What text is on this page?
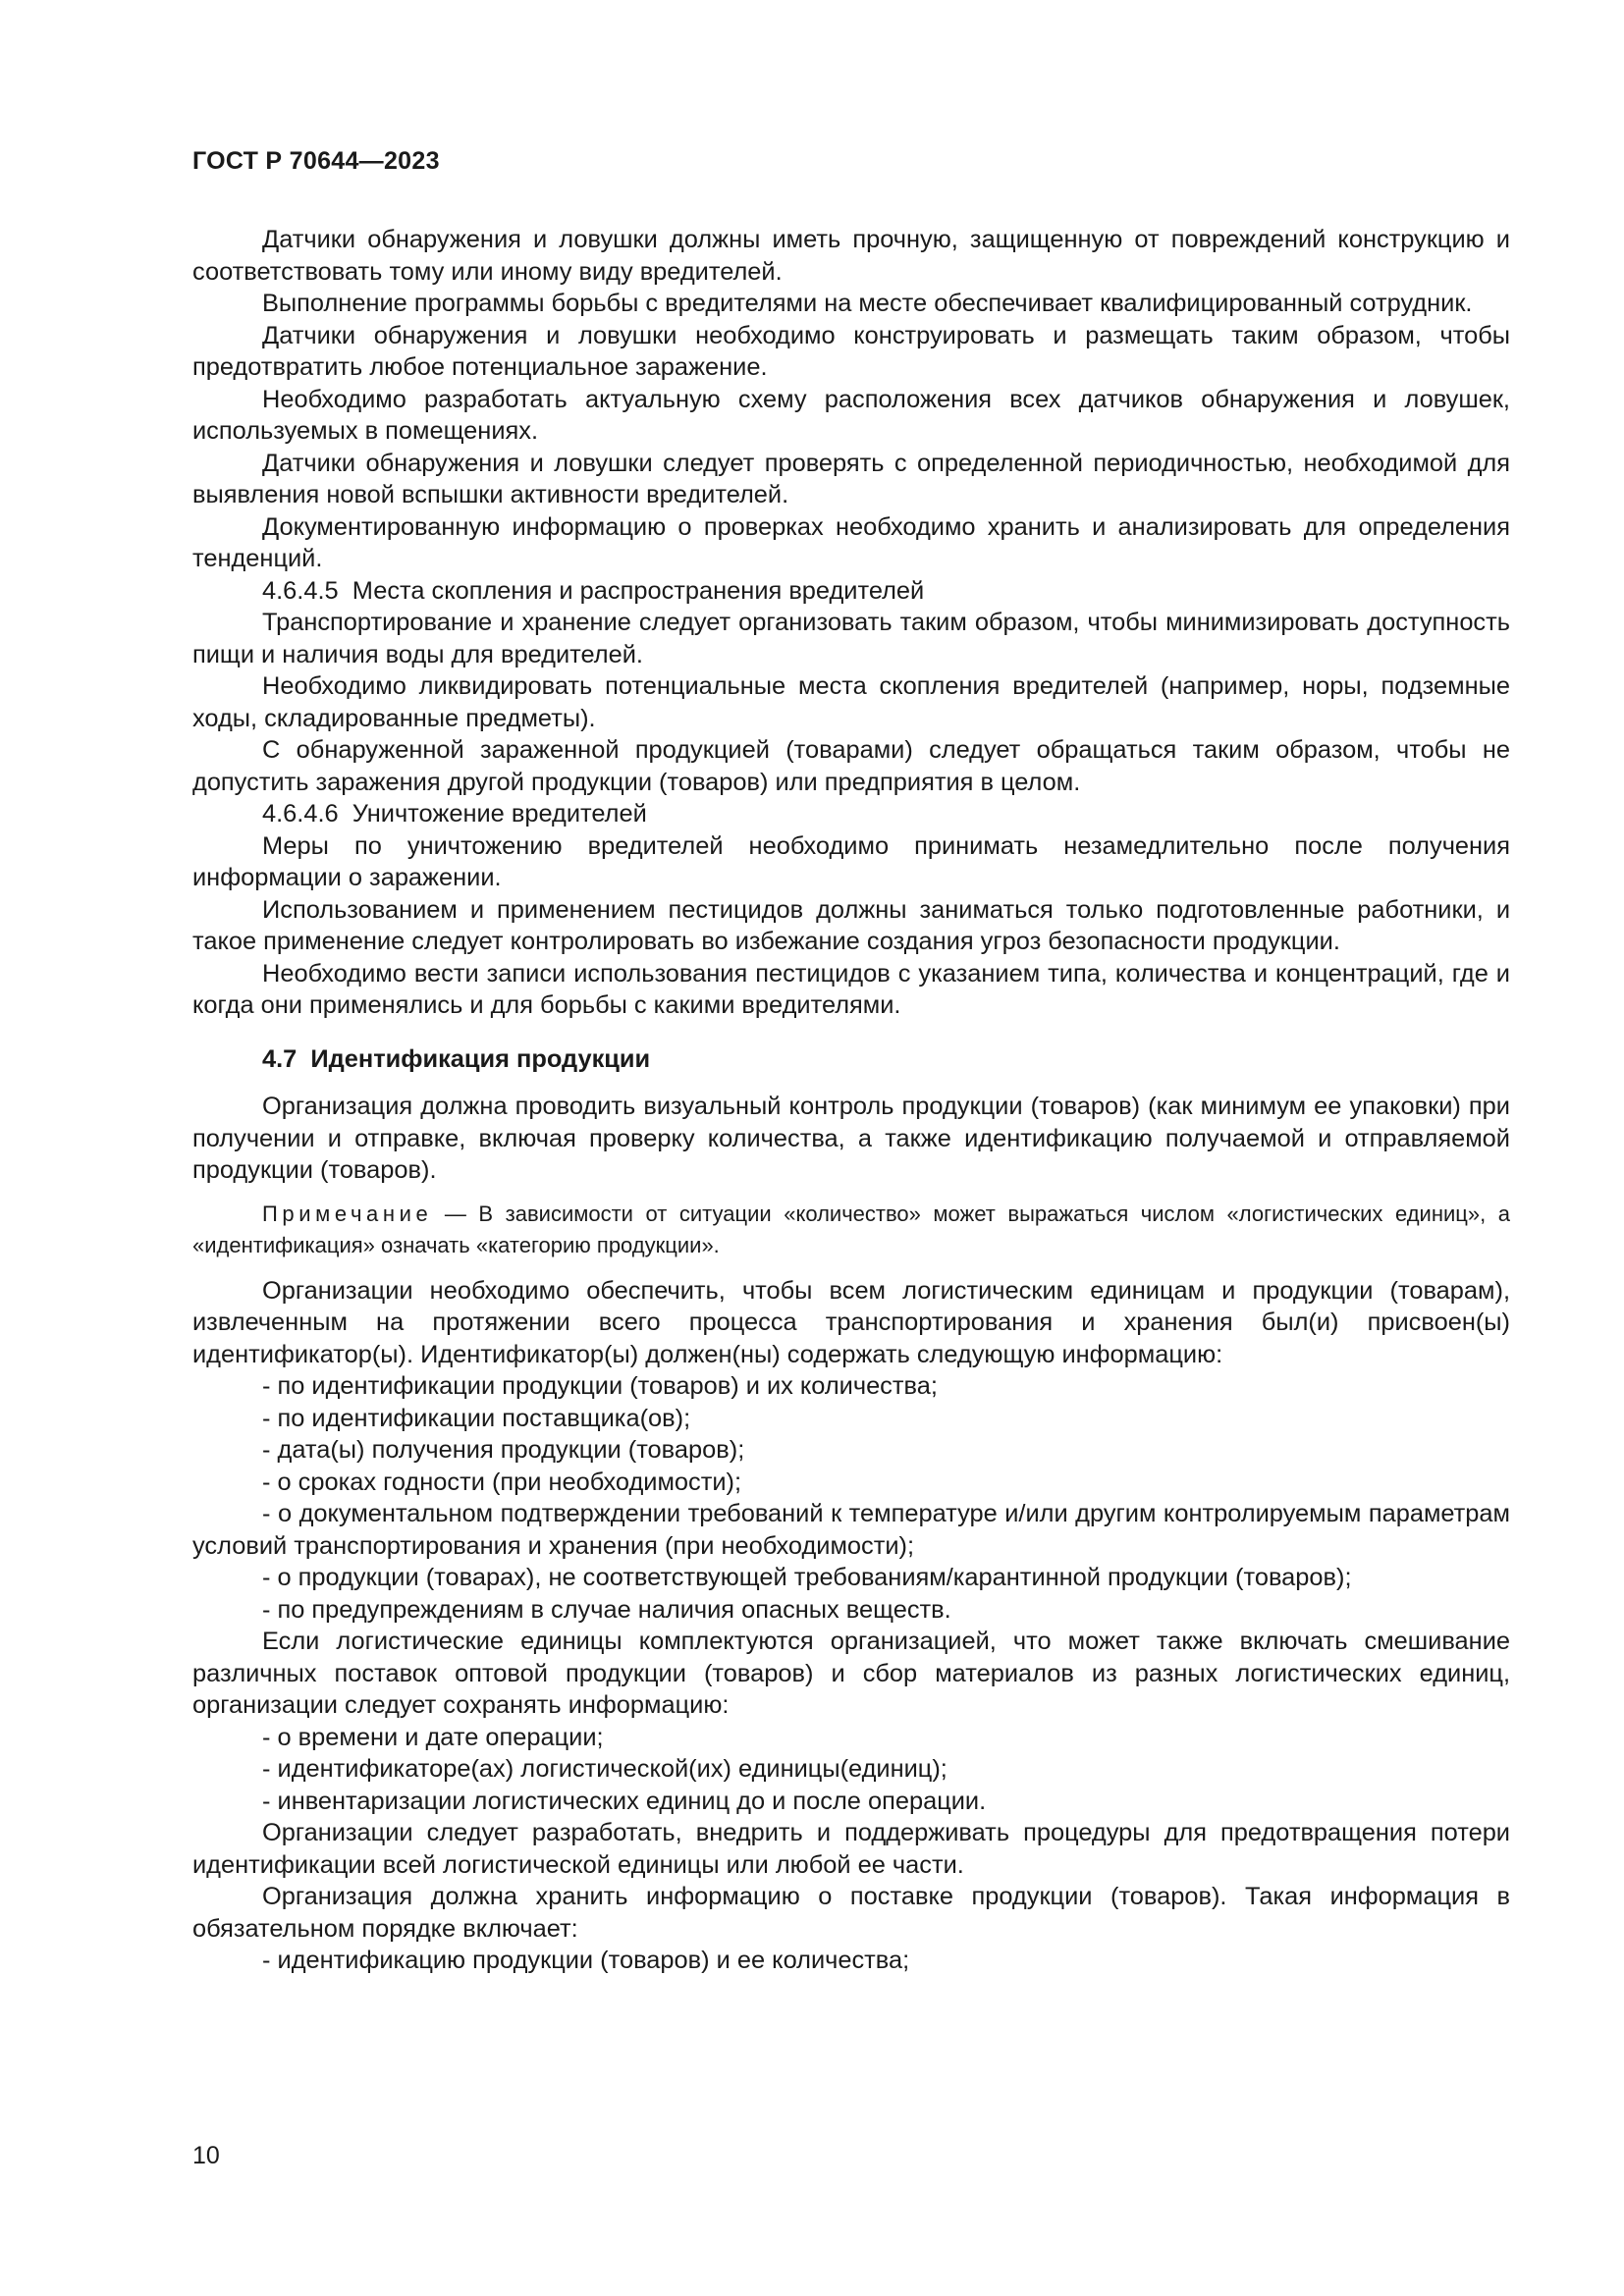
ГОСТ Р 70644—2023

Датчики обнаружения и ловушки должны иметь прочную, защищенную от повреждений конструкцию и соответствовать тому или иному виду вредителей.

Выполнение программы борьбы с вредителями на месте обеспечивает квалифицированный сотрудник.

Датчики обнаружения и ловушки необходимо конструировать и размещать таким образом, чтобы предотвратить любое потенциальное заражение.

Необходимо разработать актуальную схему расположения всех датчиков обнаружения и ловушек, используемых в помещениях.

Датчики обнаружения и ловушки следует проверять с определенной периодичностью, необходимой для выявления новой вспышки активности вредителей.

Документированную информацию о проверках необходимо хранить и анализировать для определения тенденций.

4.6.4.5  Места скопления и распространения вредителей

Транспортирование и хранение следует организовать таким образом, чтобы минимизировать доступность пищи и наличия воды для вредителей.

Необходимо ликвидировать потенциальные места скопления вредителей (например, норы, подземные ходы, складированные предметы).

С обнаруженной зараженной продукцией (товарами) следует обращаться таким образом, чтобы не допустить заражения другой продукции (товаров) или предприятия в целом.

4.6.4.6  Уничтожение вредителей

Меры по уничтожению вредителей необходимо принимать незамедлительно после получения информации о заражении.

Использованием и применением пестицидов должны заниматься только подготовленные работники, и такое применение следует контролировать во избежание создания угроз безопасности продукции.

Необходимо вести записи использования пестицидов с указанием типа, количества и концентраций, где и когда они применялись и для борьбы с какими вредителями.

4.7  Идентификация продукции

Организация должна проводить визуальный контроль продукции (товаров) (как минимум ее упаковки) при получении и отправке, включая проверку количества, а также идентификацию получаемой и отправляемой продукции (товаров).

Примечание — В зависимости от ситуации «количество» может выражаться числом «логистических единиц», а «идентификация» означать «категорию продукции».

Организации необходимо обеспечить, чтобы всем логистическим единицам и продукции (товарам), извлеченным на протяжении всего процесса транспортирования и хранения был(и) присвоен(ы) идентификатор(ы). Идентификатор(ы) должен(ны) содержать следующую информацию:

- по идентификации продукции (товаров) и их количества;

- по идентификации поставщика(ов);

- дата(ы) получения продукции (товаров);

- о сроках годности (при необходимости);

- о документальном подтверждении требований к температуре и/или другим контролируемым параметрам условий транспортирования и хранения (при необходимости);

- о продукции (товарах), не соответствующей требованиям/карантинной продукции (товаров);

- по предупреждениям в случае наличия опасных веществ.

Если логистические единицы комплектуются организацией, что может также включать смешивание различных поставок оптовой продукции (товаров) и сбор материалов из разных логистических единиц, организации следует сохранять информацию:

- о времени и дате операции;

- идентификаторе(ах) логистической(их) единицы(единиц);

- инвентаризации логистических единиц до и после операции.

Организации следует разработать, внедрить и поддерживать процедуры для предотвращения потери идентификации всей логистической единицы или любой ее части.

Организация должна хранить информацию о поставке продукции (товаров). Такая информация в обязательном порядке включает:

- идентификацию продукции (товаров) и ее количества;

10
